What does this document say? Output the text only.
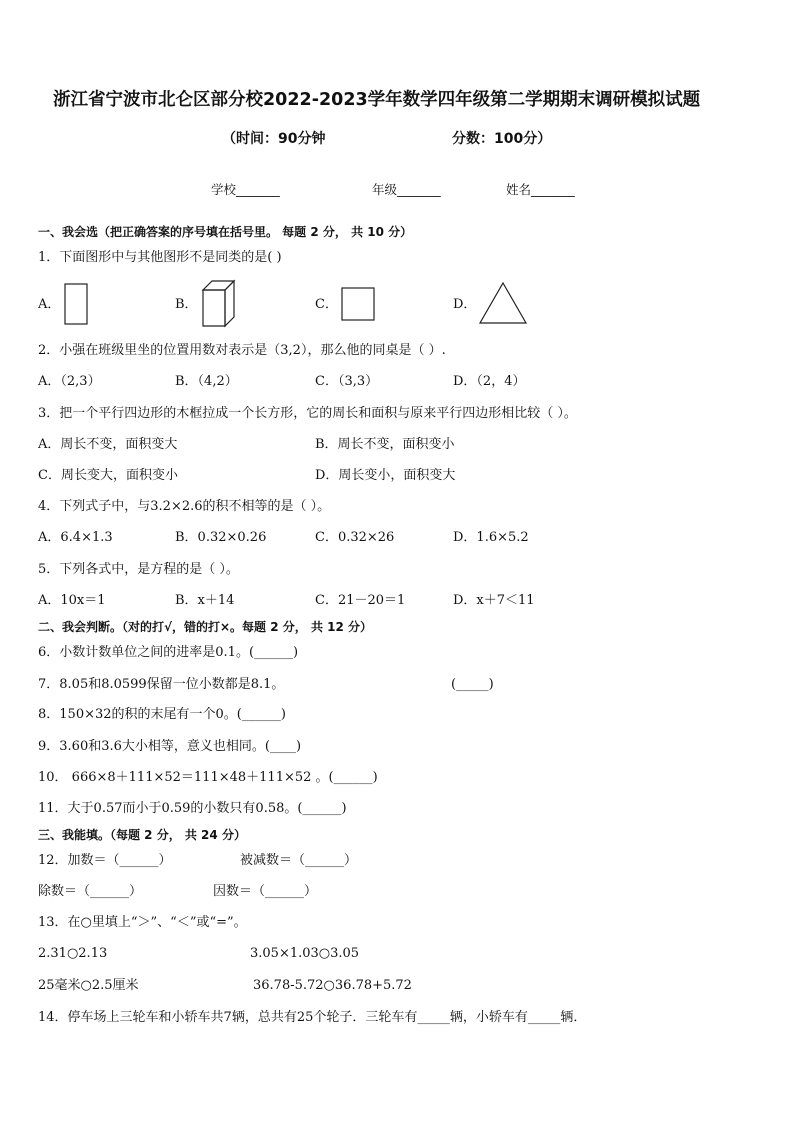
浙江省宁波市北仑区部分校2022-2023学年数学四年级第二学期期末调研模拟试题
（时间：90分钟	分数：100分）
学校_______	年级_______	姓名_______
一、我会选（把正确答案的序号填在括号里。 每题 2 分， 共 10 分）
1．下面图形中与其他图形不是同类的是( )
A．	B．	C．	D．
2．小强在班级里坐的位置用数对表示是（3,2），那么他的同桌是（ ）.
A．（2,3）	B．（4,2）	C．（3,3）	D．（2，4）
3．把一个平行四边形的木框拉成一个长方形，它的周长和面积与原来平行四边形相比较（ ）。
A．周长不变，面积变大	B．周长不变，面积变小
C．周长变大，面积变小	D．周长变小，面积变大
4．下列式子中，与3.2×2.6的积不相等的是（ ）。
A．6.4×1.3	B．0.32×0.26	C．0.32×26	D．1.6×5.2
5．下列各式中，是方程的是（ ）。
A．10x＝1	B．x＋14	C．21－20＝1	D．x＋7＜11
二、我会判断。（对的打√，错的打×。每题 2 分， 共 12 分）
6．小数计数单位之间的进率是0.1。(______)
7．8.05和8.0599保留一位小数都是8.1。	(_____)
8．150×32的积的末尾有一个0。(______)
9．3.60和3.6大小相等，意义也相同。(____)
10． 666×8＋111×52＝111×48＋111×52 。(______)
11．大于0.57而小于0.59的小数只有0.58。(______)
三、我能填。（每题 2 分， 共 24 分）
12．加数＝（______）	被减数＝（______）
除数＝（______）	因数＝（______）
13．在○里填上“＞”、“＜”或“=”。
2.31○2.13	3.05×1.03○3.05
25毫米○2.5厘米	36.78-5.72○36.78+5.72
14．停车场上三轮车和小轿车共7辆，总共有25个轮子．三轮车有_____辆，小轿车有_____辆．
